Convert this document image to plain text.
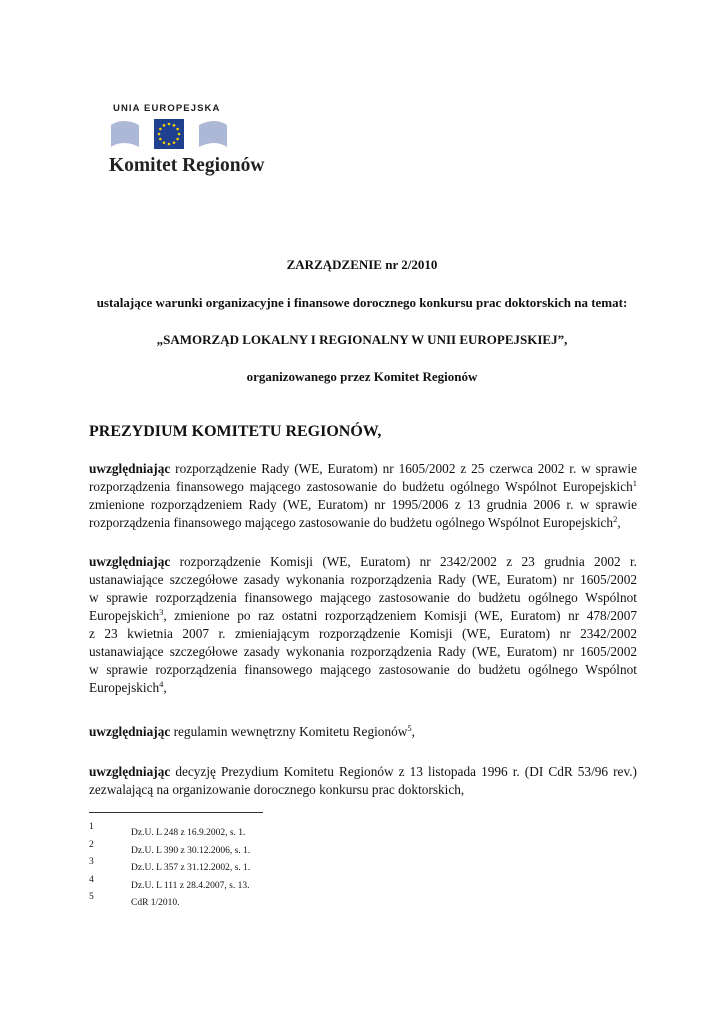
UNIA EUROPEJSKA
Komitet Regionów
ZARZĄDZENIE nr 2/2010
ustalające warunki organizacyjne i finansowe dorocznego konkursu prac doktorskich na temat:
„SAMORZĄD LOKALNY I REGIONALNY W UNII EUROPEJSKIEJ”,
organizowanego przez Komitet Regionów
PREZYDIUM KOMITETU REGIONÓW,
uwzględniając rozporządzenie Rady (WE, Euratom) nr 1605/2002 z 25 czerwca 2002 r. w sprawie
rozporządzenia finansowego mającego zastosowanie do budżetu ogólnego Wspólnot Europejskich$^1$
zmienione rozporządzeniem Rady (WE, Euratom) nr 1995/2006 z 13 grudnia 2006 r. w sprawie
rozporządzenia finansowego mającego zastosowanie do budżetu ogólnego Wspólnot Europejskich$^2$,
uwzględniając rozporządzenie Komisji (WE, Euratom) nr 2342/2002 z 23 grudnia 2002 r.
ustanawiające szczegółowe zasady wykonania rozporządzenia Rady (WE, Euratom) nr 1605/2002
w sprawie rozporządzenia finansowego mającego zastosowanie do budżetu ogólnego Wspólnot
Europejskich$^3$, zmienione po raz ostatni rozporządzeniem Komisji (WE, Euratom) nr 478/2007
z 23 kwietnia 2007 r. zmieniającym rozporządzenie Komisji (WE, Euratom) nr 2342/2002
ustanawiające szczegółowe zasady wykonania rozporządzenia Rady (WE, Euratom) nr 1605/2002
w sprawie rozporządzenia finansowego mającego zastosowanie do budżetu ogólnego Wspólnot
Europejskich$^4$,
uwzględniając regulamin wewnętrzny Komitetu Regionów$^5$,
uwzględniając decyzję Prezydium Komitetu Regionów z 13 listopada 1996 r. (DI CdR 53/96 rev.)
zezwalającą na organizowanie dorocznego konkursu prac doktorskich,
1
Dz.U. L 248 z 16.9.2002, s. 1.
2
Dz.U. L 390 z 30.12.2006, s. 1.
3
Dz.U. L 357 z 31.12.2002, s. 1.
4
Dz.U. L 111 z 28.4.2007, s. 13.
5
CdR 1/2010.
